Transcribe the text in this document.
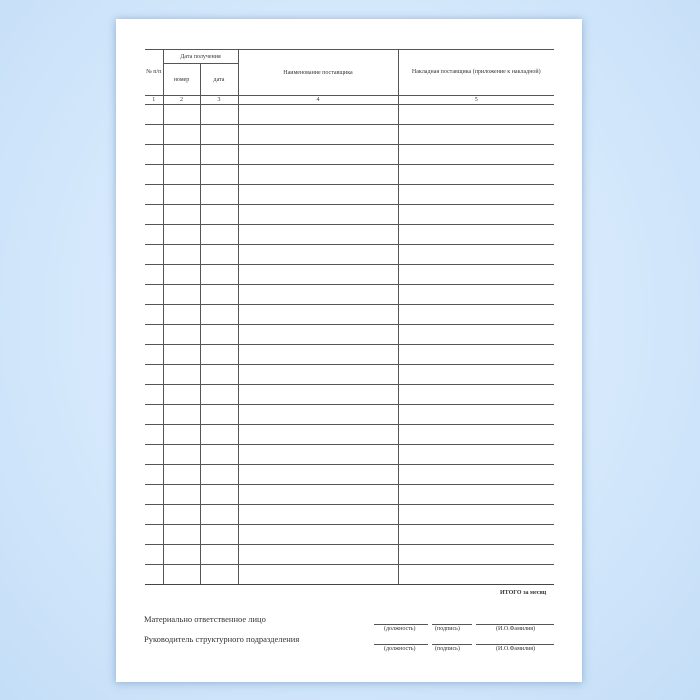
№ п/п	Дата получения		Наименование поставщика	Накладная поставщика (приложение к накладной)
	номер	дата		
1	2	3	4	5

ИТОГО за месяц
Материально ответственное лицо
(должность)	(подпись)	(И.О.Фамилия)
Руководитель структурного подразделения
(должность)	(подпись)	(И.О.Фамилия)
